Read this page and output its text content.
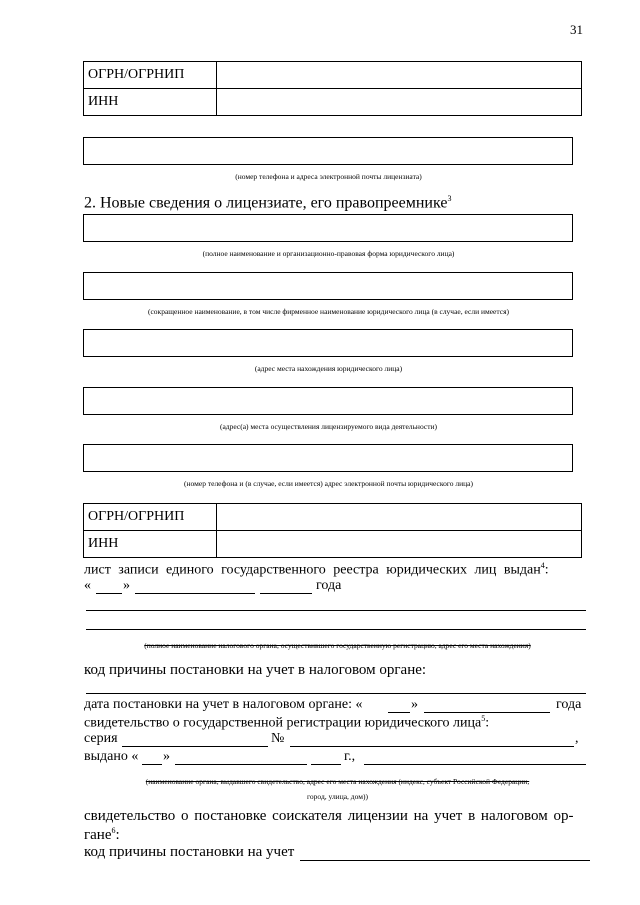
31
ОГРН/ОГРНИП	
ИНН	
(номер телефона и адреса электронной почты лицензиата)
2. Новые сведения о лицензиате, его правопреемнике$^3$
(полное наименование и организационно-правовая форма юридического лица)
(сокращенное наименование, в том числе фирменное наименование юридического лица (в случае, если имеется)
(адрес места нахождения юридического лица)
(адрес(а) места осуществления лицензируемого вида деятельности)
(номер телефона и (в случае, если имеется) адрес электронной почты юридического лица)
ОГРН/ОГРНИП	
ИНН	
лист записи единого государственного реестра юридических лиц выдан$^4$:
« »	года
(полное наименование налогового органа, осуществившего государственную регистрацию, адрес его места нахождения)
код причины постановки на учет в налоговом органе:
дата постановки на учет в налоговом органе: «	»	года
свидетельство о государственной регистрации юридического лица$^5$:
серия	№	,
выдано « »	г.,
(наименование органа, выдавшего свидетельство, адрес его места нахождения (индекс, субъект Российской Федерации,
город, улица, дом))
свидетельство о постановке соискателя лицензии на учет в налоговом ор-
гане$^6$:
код причины постановки на учет
